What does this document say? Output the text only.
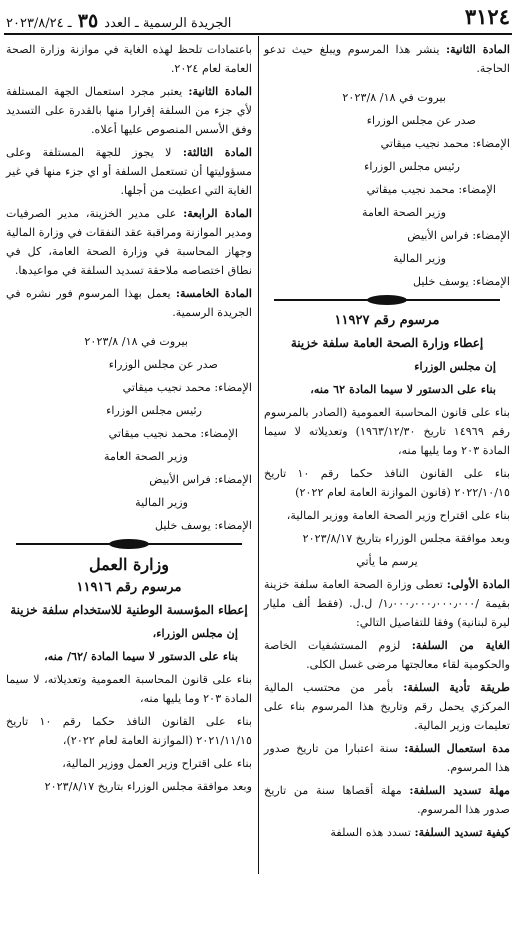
٣١٢٤
الجريدة الرسمية ـ العدد ٣٥ ـ ٢٠٢٣/٨/٢٤

المادة الثانية: ينشر هذا المرسوم ويبلغ حيث تدعو الحاجة.

بيروت في ١٨/ ٢٠٢٣/٨

صدر عن مجلس الوزراء

الإمضاء: محمد نجيب ميقاتي

رئيس مجلس الوزراء

الإمضاء: محمد نجيب ميقاتي

وزير الصحة العامة

الإمضاء: فراس الأبيض

وزير المالية

الإمضاء: يوسف خليل

مرسوم رقم ١١٩٢٧

إعطاء وزارة الصحة العامة سلفة خزينة

إن مجلس الوزراء

بناء على الدستور لا سيما المادة ٦٢ منه،

بناء على قانون المحاسبة العمومية (الصادر بالمرسوم رقم ١٤٩٦٩ تاريخ ١٩٦٣/١٢/٣٠) وتعديلاته لا سيما المادة ٢٠٣ وما يليها منه،

بناء على القانون النافذ حكما رقم ١٠ تاريخ ٢٠٢٢/١٠/١٥ (قانون الموازنة العامة لعام ٢٠٢٢)

بناء على اقتراح وزير الصحة العامة ووزير المالية،

وبعد موافقة مجلس الوزراء بتاريخ ٢٠٢٣/٨/١٧

يرسم ما يأتي

المادة الأولى: تعطى وزارة الصحة العامة سلفة خزينة بقيمة /١٫٠٠٠٫٠٠٠٫٠٠٠٫٠٠٠/ ل.ل. (فقط ألف مليار ليرة لبنانية) وفقا للتفاصيل التالي:

الغاية من السلفة: لزوم المستشفيات الخاصة والحكومية لقاء معالجتها مرضى غسل الكلى.

طريقة تأدية السلفة: بأمر من محتسب المالية المركزي يحمل رقم وتاريخ هذا المرسوم بناء على تعليمات وزير المالية.

مدة استعمال السلفة: سنة اعتبارا من تاريخ صدور هذا المرسوم.

مهلة تسديد السلفة: مهلة أقصاها سنة من تاريخ صدور هذا المرسوم.

كيفية تسديد السلفة: تسدد هذه السلفة

باعتمادات تلحظ لهذه الغاية في موازنة وزارة الصحة العامة لعام ٢٠٢٤.

المادة الثانية: يعتبر مجرد استعمال الجهة المستلفة لأي جزء من السلفة إقرارا منها بالقدرة على التسديد وفق الأسس المنصوص عليها أعلاه.

المادة الثالثة: لا يجوز للجهة المستلفة وعلى مسؤوليتها أن تستعمل السلفة أو اي جزء منها في غير الغاية التي اعطيت من أجلها.

المادة الرابعة: على مدير الخزينة، مدير الصرفيات ومدير الموازنة ومراقبة عقد النفقات في وزارة المالية وجهاز المحاسبة في وزارة الصحة العامة، كل في نطاق اختصاصه ملاحقة تسديد السلفة في مواعيدها.

المادة الخامسة: يعمل بهذا المرسوم فور نشره في الجريدة الرسمية.

بيروت في ١٨/ ٢٠٢٣/٨

صدر عن مجلس الوزراء

الإمضاء: محمد نجيب ميقاتي

رئيس مجلس الوزراء

الإمضاء: محمد نجيب ميقاتي

وزير الصحة العامة

الإمضاء: فراس الأبيض

وزير المالية

الإمضاء: يوسف خليل

وزارة العمل

مرسوم رقم ١١٩١٦

إعطاء المؤسسة الوطنية للاستخدام سلفة خزينة

إن مجلس الوزراء،

بناء على الدستور لا سيما المادة /٦٢/ منه،

بناء على قانون المحاسبة العمومية وتعديلاته، لا سيما المادة ٢٠٣ وما يليها منه،

بناء على القانون النافذ حكما رقم ١٠ تاريخ ٢٠٢١/١١/١٥ (الموازنة العامة لعام ٢٠٢٢)،

بناء على اقتراح وزير العمل ووزير المالية،

وبعد موافقة مجلس الوزراء بتاريخ ٢٠٢٣/٨/١٧
